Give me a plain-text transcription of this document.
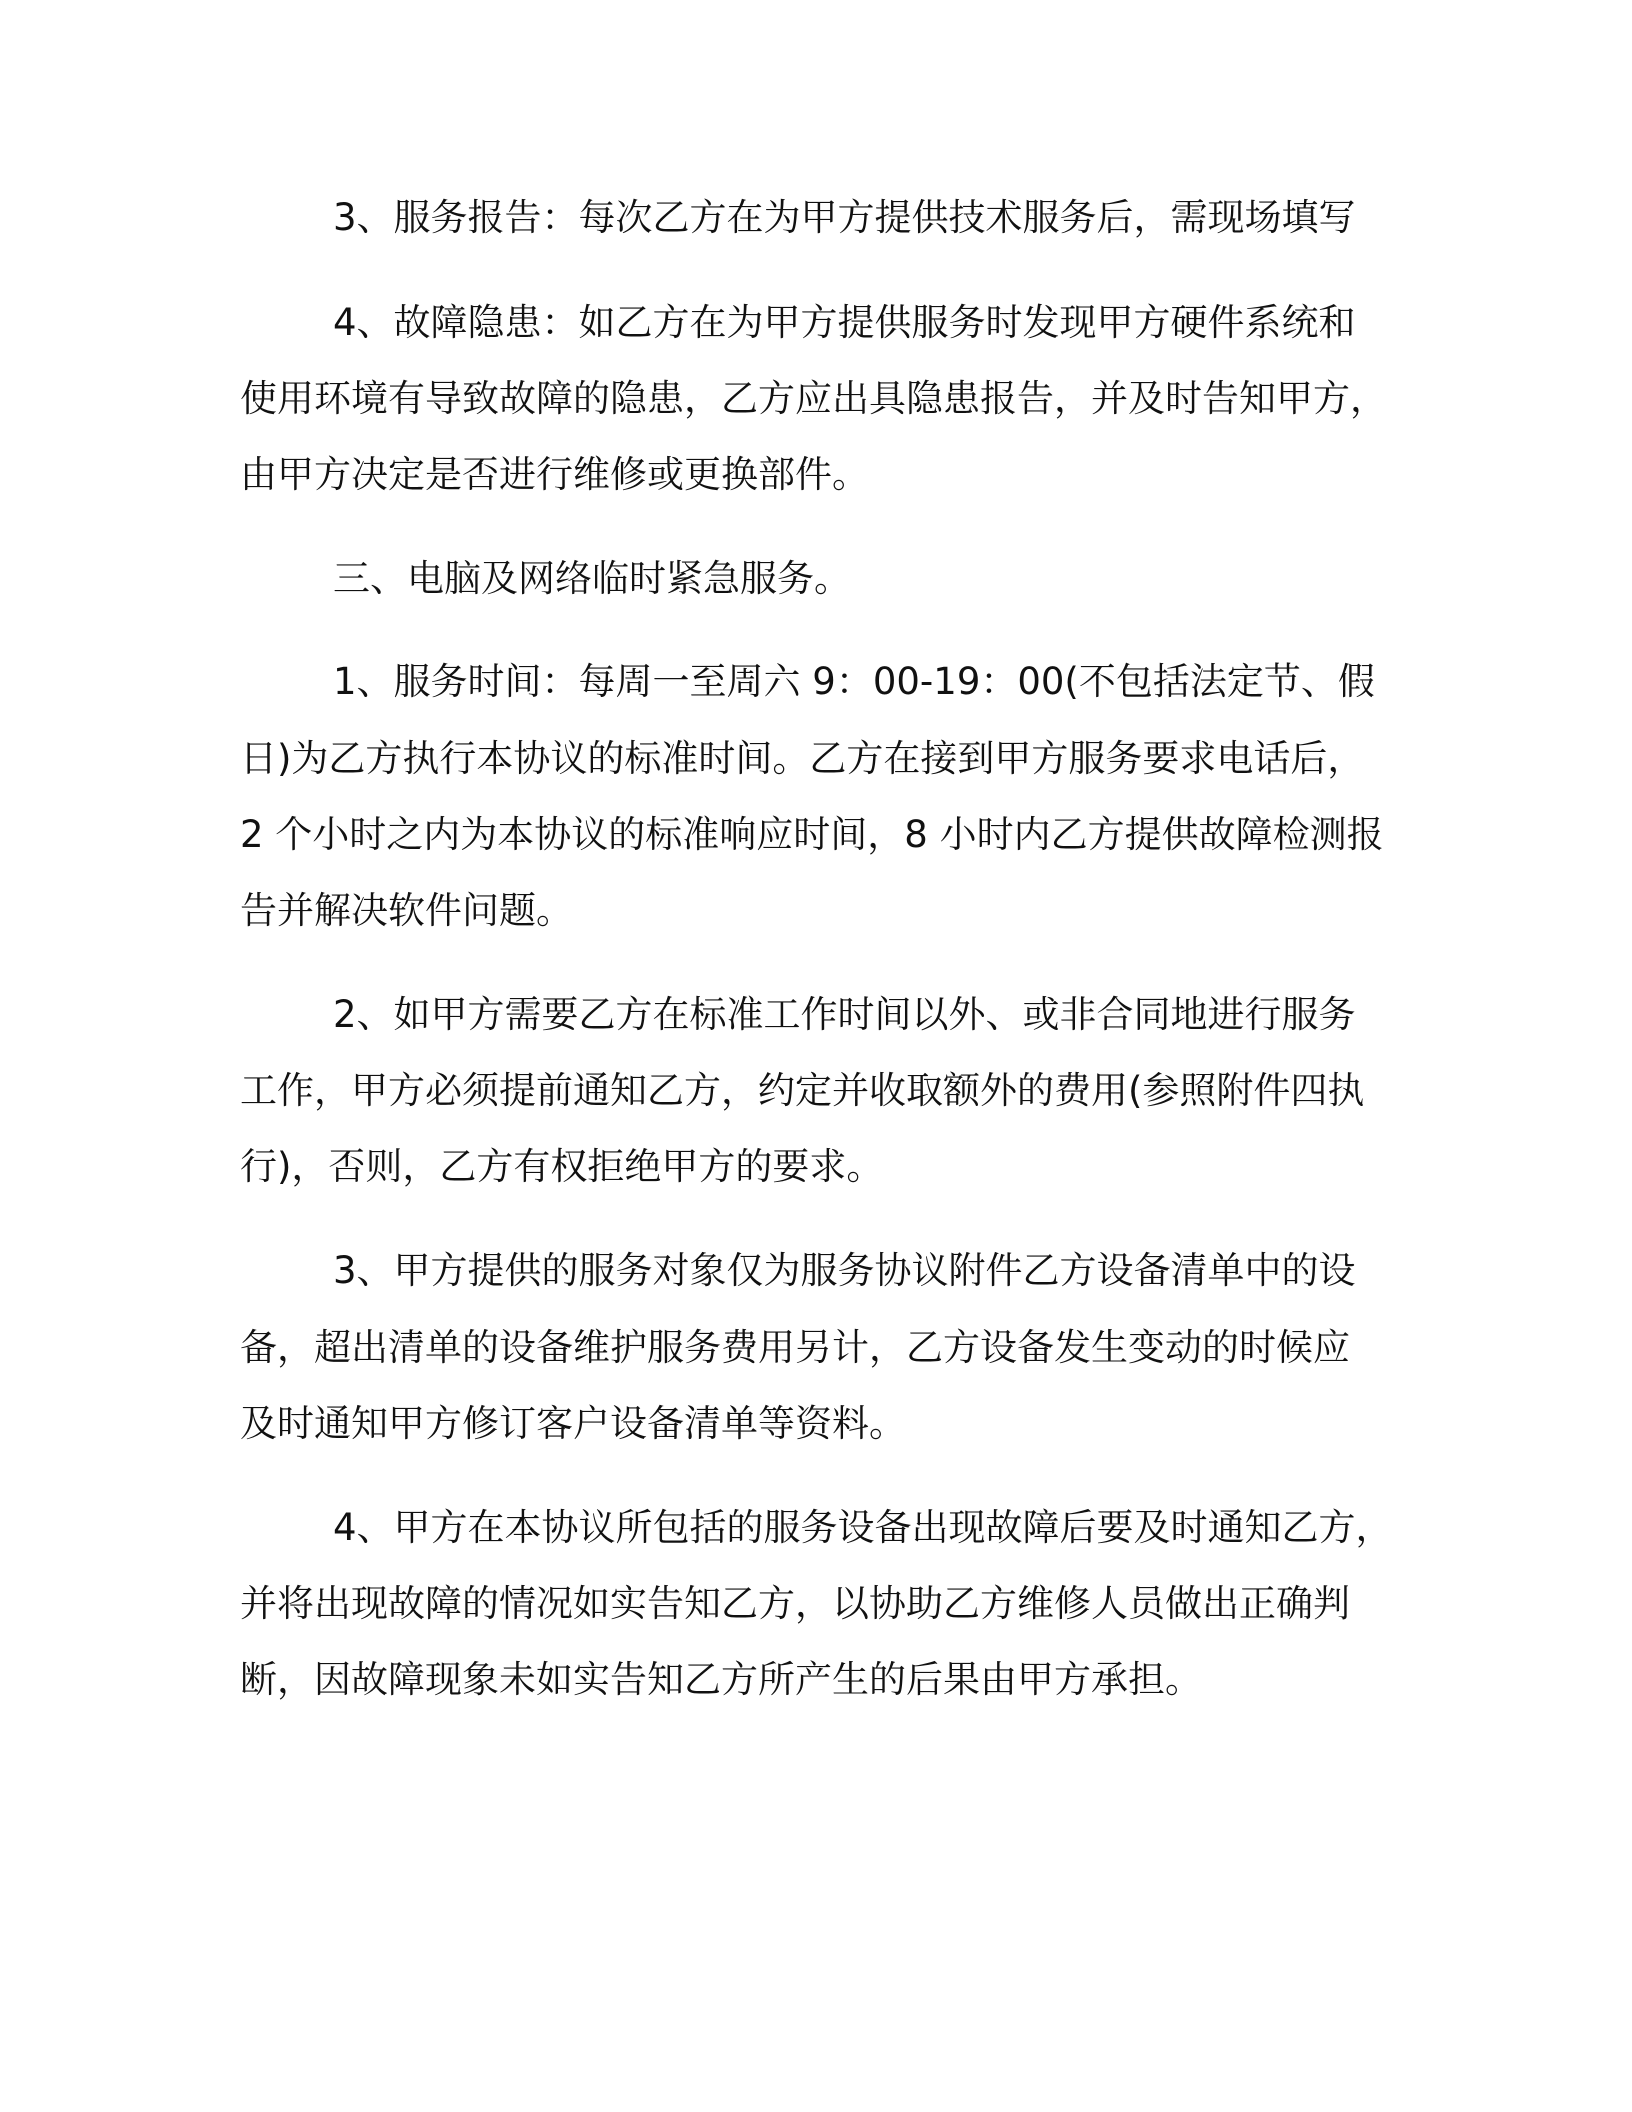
3、服务报告：每次乙方在为甲方提供技术服务后，需现场填写

4、故障隐患：如乙方在为甲方提供服务时发现甲方硬件系统和

使用环境有导致故障的隐患，乙方应出具隐患报告，并及时告知甲方，

由甲方决定是否进行维修或更换部件。

三、电脑及网络临时紧急服务。

1、服务时间：每周一至周六 9：00-19：00(不包括法定节、假

日)为乙方执行本协议的标准时间。乙方在接到甲方服务要求电话后，

2 个小时之内为本协议的标准响应时间，8 小时内乙方提供故障检测报

告并解决软件问题。

2、如甲方需要乙方在标准工作时间以外、或非合同地进行服务

工作，甲方必须提前通知乙方，约定并收取额外的费用(参照附件四执

行)，否则，乙方有权拒绝甲方的要求。

3、甲方提供的服务对象仅为服务协议附件乙方设备清单中的设

备，超出清单的设备维护服务费用另计，乙方设备发生变动的时候应

及时通知甲方修订客户设备清单等资料。

4、甲方在本协议所包括的服务设备出现故障后要及时通知乙方，

并将出现故障的情况如实告知乙方，以协助乙方维修人员做出正确判

断，因故障现象未如实告知乙方所产生的后果由甲方承担。
